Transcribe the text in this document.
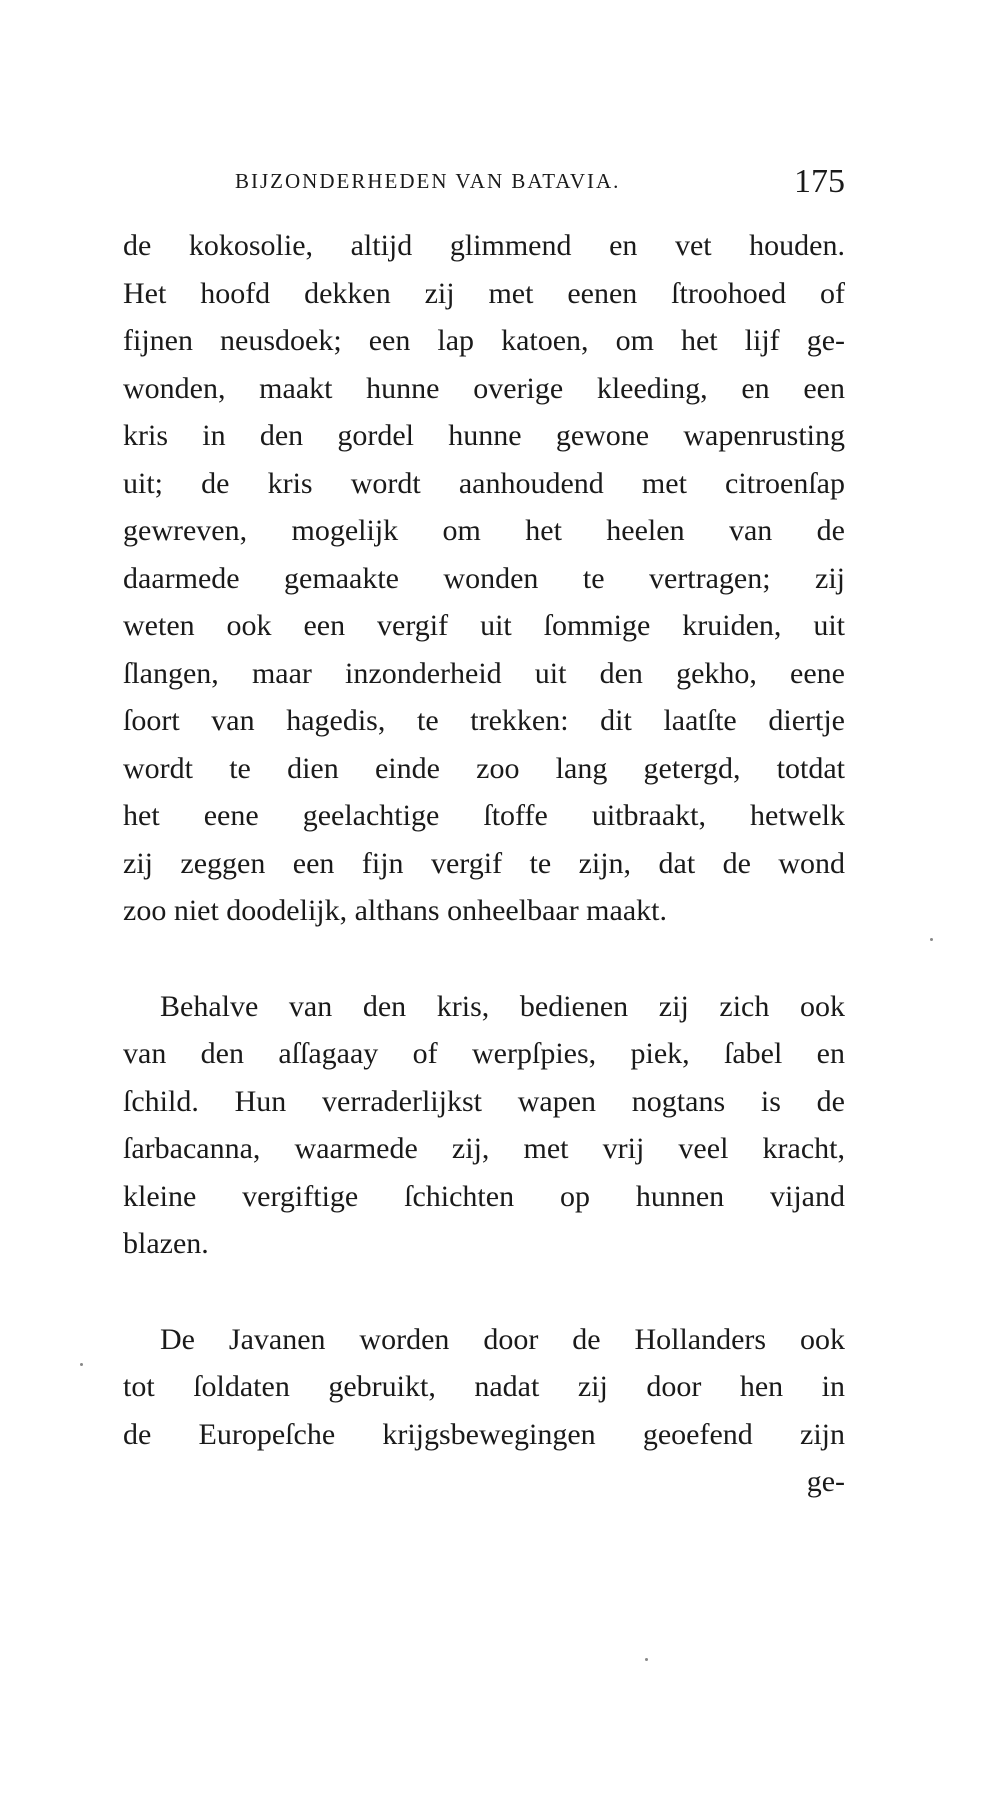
BIJZONDERHEDEN VAN BATAVIA.	175
de kokosolie, altijd glimmend en vet houden.
Het hoofd dekken zij met eenen ſtroohoed of
fijnen neusdoek; een lap katoen, om het lijf ge-
wonden, maakt hunne overige kleeding, en een
kris in den gordel hunne gewone wapenrusting
uit; de kris wordt aanhoudend met citroenſap
gewreven, mogelijk om het heelen van de
daarmede gemaakte wonden te vertragen; zij
weten ook een vergif uit ſommige kruiden, uit
ſlangen, maar inzonderheid uit den gekho, eene
ſoort van hagedis, te trekken: dit laatſte diertje
wordt te dien einde zoo lang getergd, totdat
het eene geelachtige ſtoffe uitbraakt, hetwelk
zij zeggen een fijn vergif te zijn, dat de wond
zoo niet doodelijk, althans onheelbaar maakt.
Behalve van den kris, bedienen zij zich ook
van den aſſagaay of werpſpies, piek, ſabel en
ſchild. Hun verraderlijkst wapen nogtans is de
ſarbacanna, waarmede zij, met vrij veel kracht,
kleine vergiftige ſchichten op hunnen vijand
blazen.
De Javanen worden door de Hollanders ook
tot ſoldaten gebruikt, nadat zij door hen in
de Europeſche krijgsbewegingen geoefend zijn
ge-
